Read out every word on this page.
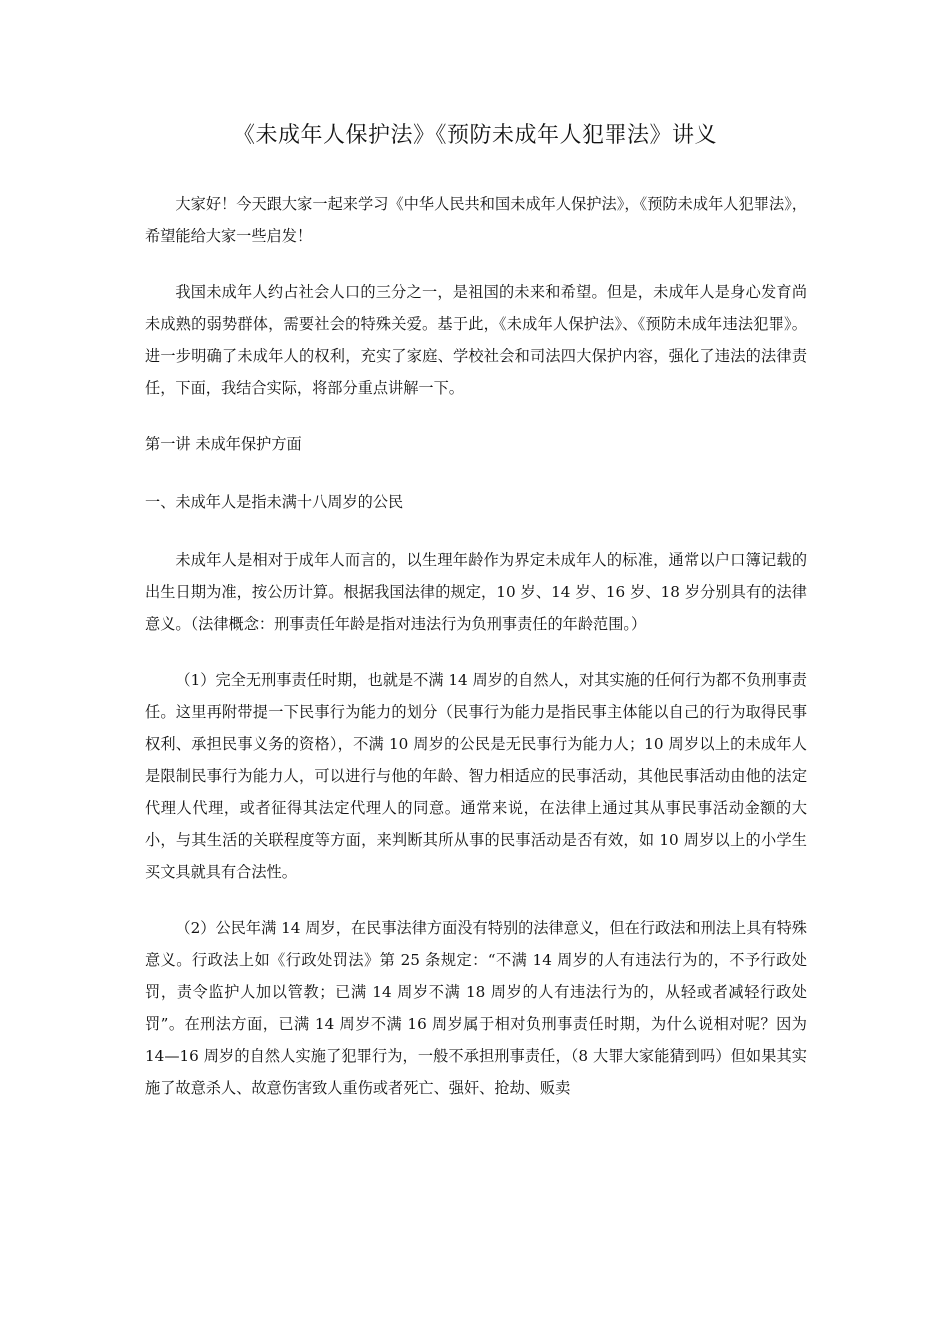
《未成年人保护法》《预防未成年人犯罪法》讲义

大家好！今天跟大家一起来学习《中华人民共和国未成年人保护法》，《预防未成年人犯罪法》，希望能给大家一些启发！

我国未成年人约占社会人口的三分之一，是祖国的未来和希望。但是，未成年人是身心发育尚未成熟的弱势群体，需要社会的特殊关爱。基于此，《未成年人保护法》、《预防未成年违法犯罪》。进一步明确了未成年人的权利，充实了家庭、学校社会和司法四大保护内容，强化了违法的法律责任，下面，我结合实际，将部分重点讲解一下。

第一讲 未成年保护方面

一、未成年人是指未满十八周岁的公民

未成年人是相对于成年人而言的，以生理年龄作为界定未成年人的标准，通常以户口簿记载的出生日期为准，按公历计算。根据我国法律的规定，10 岁、14 岁、16 岁、18 岁分别具有的法律意义。（法律概念：刑事责任年龄是指对违法行为负刑事责任的年龄范围。）

（1）完全无刑事责任时期，也就是不满 14 周岁的自然人，对其实施的任何行为都不负刑事责任。这里再附带提一下民事行为能力的划分（民事行为能力是指民事主体能以自己的行为取得民事权利、承担民事义务的资格），不满 10 周岁的公民是无民事行为能力人；10 周岁以上的未成年人是限制民事行为能力人，可以进行与他的年龄、智力相适应的民事活动，其他民事活动由他的法定代理人代理，或者征得其法定代理人的同意。通常来说，在法律上通过其从事民事活动金额的大小，与其生活的关联程度等方面，来判断其所从事的民事活动是否有效，如 10 周岁以上的小学生买文具就具有合法性。

（2）公民年满 14 周岁，在民事法律方面没有特别的法律意义，但在行政法和刑法上具有特殊意义。行政法上如《行政处罚法》第 25 条规定：“不满 14 周岁的人有违法行为的，不予行政处罚，责令监护人加以管教；已满 14 周岁不满 18 周岁的人有违法行为的，从轻或者减轻行政处罚”。在刑法方面，已满 14 周岁不满 16 周岁属于相对负刑事责任时期，为什么说相对呢？因为 14—16 周岁的自然人实施了犯罪行为，一般不承担刑事责任，（8 大罪大家能猜到吗）但如果其实施了故意杀人、故意伤害致人重伤或者死亡、强奸、抢劫、贩卖
